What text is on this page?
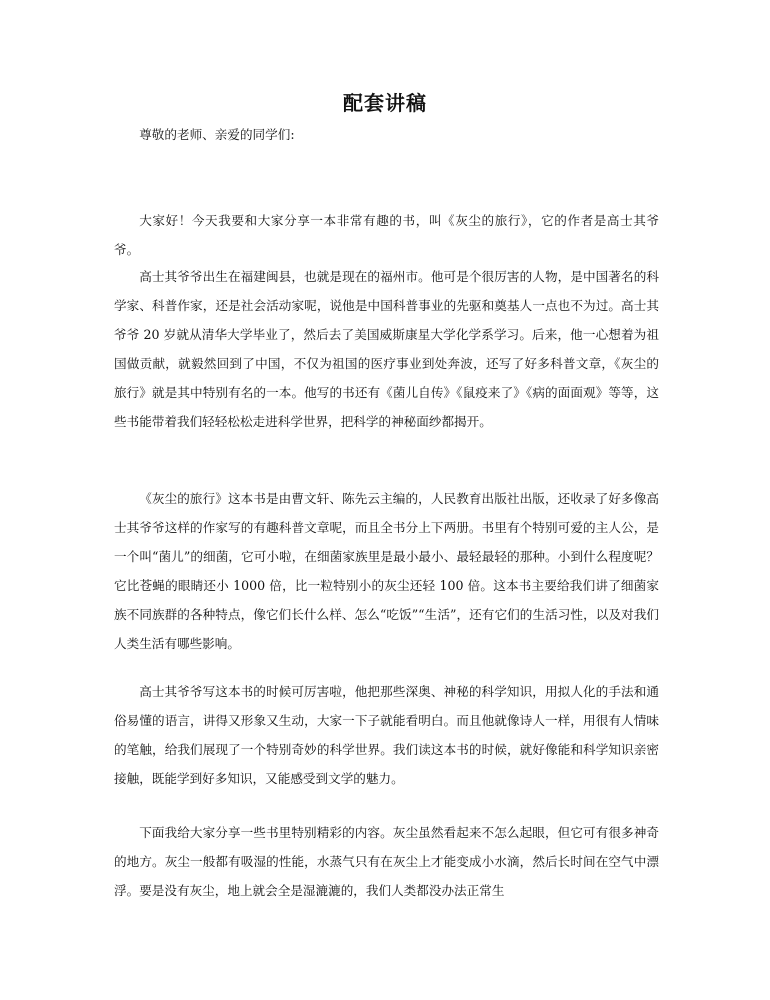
配套讲稿

尊敬的老师、亲爱的同学们:

大家好！今天我要和大家分享一本非常有趣的书，叫《灰尘的旅行》，它的作者是高士其爷爷。

高士其爷爷出生在福建闽县，也就是现在的福州市。他可是个很厉害的人物，是中国著名的科学家、科普作家，还是社会活动家呢，说他是中国科普事业的先驱和奠基人一点也不为过。高士其爷爷 20 岁就从清华大学毕业了，然后去了美国威斯康星大学化学系学习。后来，他一心想着为祖国做贡献，就毅然回到了中国，不仅为祖国的医疗事业到处奔波，还写了好多科普文章，《灰尘的旅行》就是其中特别有名的一本。他写的书还有《菌儿自传》《鼠疫来了》《病的面面观》等等，这些书能带着我们轻轻松松走进科学世界，把科学的神秘面纱都揭开。

《灰尘的旅行》这本书是由曹文轩、陈先云主编的，人民教育出版社出版，还收录了好多像高士其爷爷这样的作家写的有趣科普文章呢，而且全书分上下两册。书里有个特别可爱的主人公，是一个叫“菌儿”的细菌，它可小啦，在细菌家族里是最小最小、最轻最轻的那种。小到什么程度呢？它比苍蝇的眼睛还小 1000 倍，比一粒特别小的灰尘还轻 100 倍。这本书主要给我们讲了细菌家族不同族群的各种特点，像它们长什么样、怎么“吃饭”“生活”，还有它们的生活习性，以及对我们人类生活有哪些影响。

高士其爷爷写这本书的时候可厉害啦，他把那些深奥、神秘的科学知识，用拟人化的手法和通俗易懂的语言，讲得又形象又生动，大家一下子就能看明白。而且他就像诗人一样，用很有人情味的笔触，给我们展现了一个特别奇妙的科学世界。我们读这本书的时候，就好像能和科学知识亲密接触，既能学到好多知识，又能感受到文学的魅力。

下面我给大家分享一些书里特别精彩的内容。灰尘虽然看起来不怎么起眼，但它可有很多神奇的地方。灰尘一般都有吸湿的性能，水蒸气只有在灰尘上才能变成小水滴，然后长时间在空气中漂浮。要是没有灰尘，地上就会全是湿漉漉的，我们人类都没办法正常生
